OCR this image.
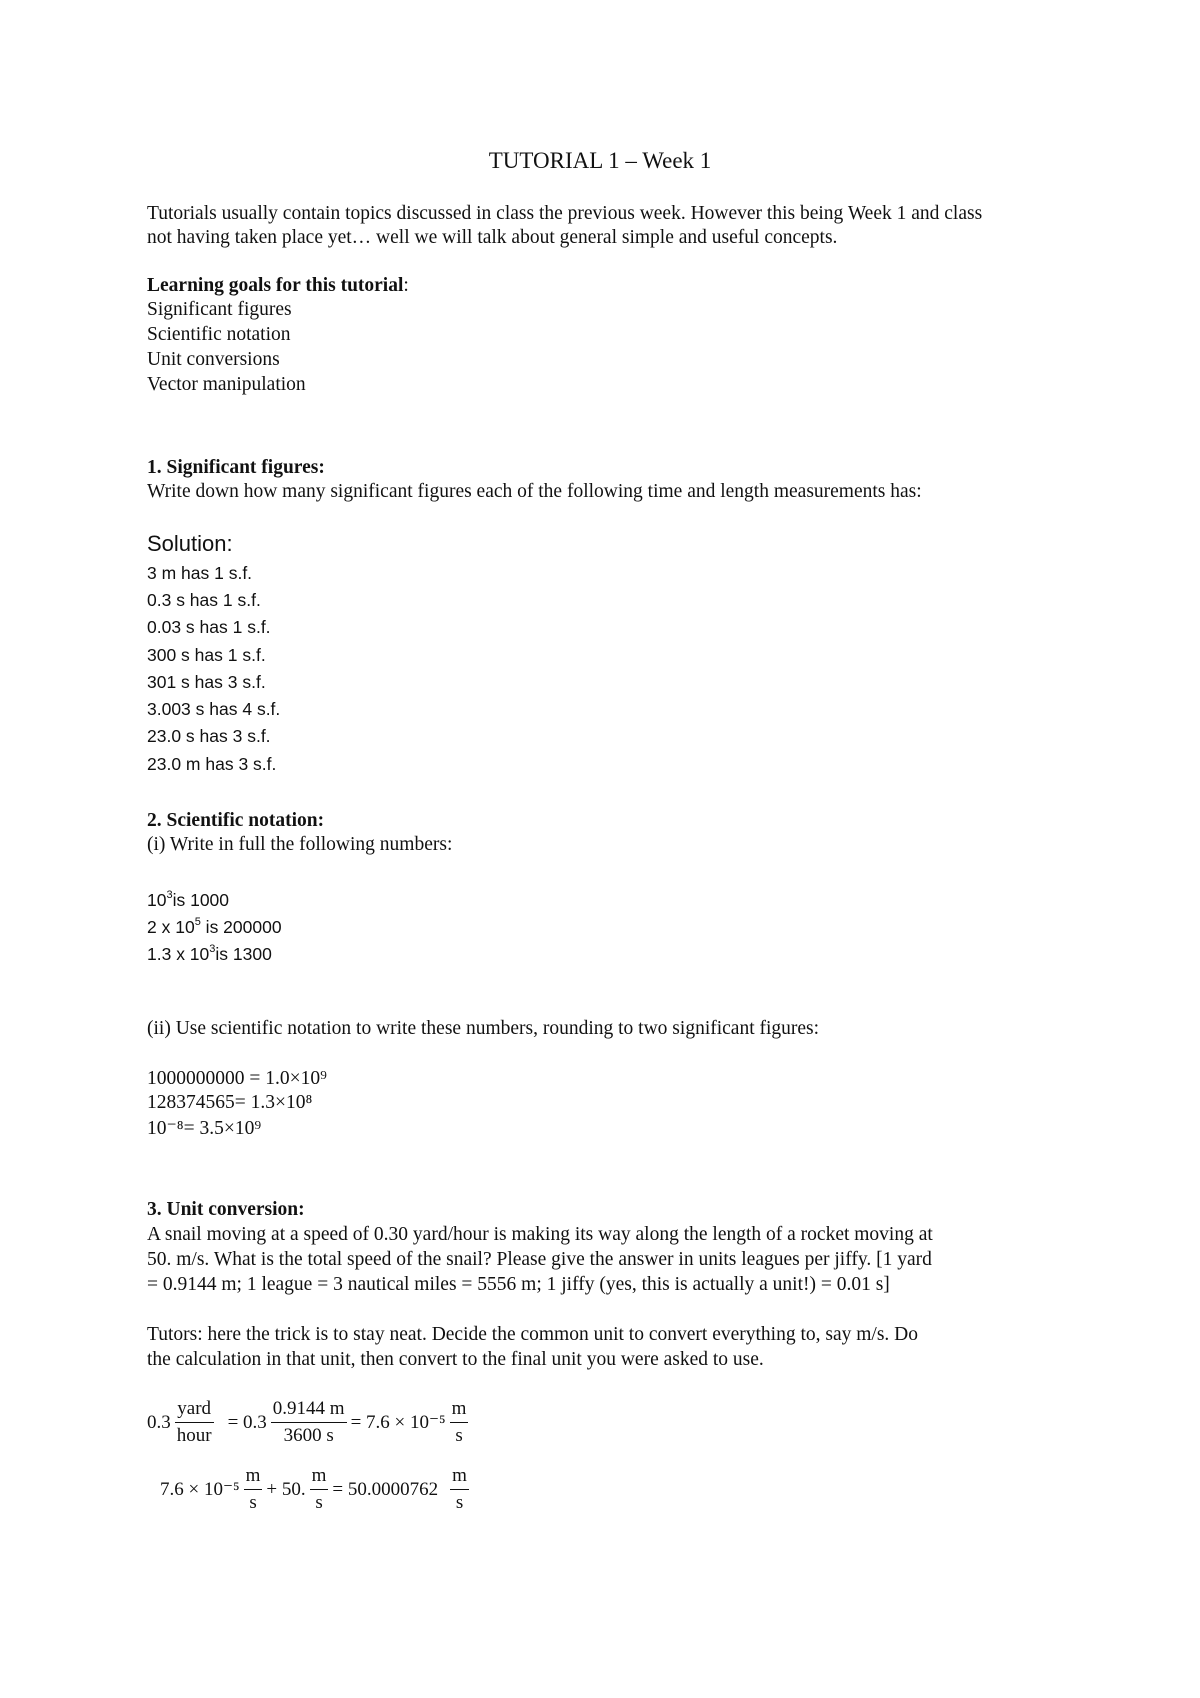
TUTORIAL 1 – Week 1
Tutorials usually contain topics discussed in class the previous week. However this being Week 1 and class
not having taken place yet… well we will talk about general simple and useful concepts.
Learning goals for this tutorial:
Significant figures
Scientific notation
Unit conversions
Vector manipulation
1. Significant figures:
Write down how many significant figures each of the following time and length measurements has:
Solution:
3 m has 1 s.f.
0.3 s has 1 s.f.
0.03 s has 1 s.f.
300 s has 1 s.f.
301 s has 3 s.f.
3.003 s has 4 s.f.
23.0 s has 3 s.f.
23.0 m has 3 s.f.
2. Scientific notation:
(i) Write in full the following numbers:
$10^3is$ 1000
2 x $10^5$ is 200000
1.3 x $10^3is$ 1300
(ii) Use scientific notation to write these numbers, rounding to two significant figures:
1000000000 = 1.0×10⁹
128374565= 1.3×10⁸
10⁻⁸= 3.5×10⁹
3. Unit conversion:
A snail moving at a speed of 0.30 yard/hour is making its way along the length of a rocket moving at
50. m/s. What is the total speed of the snail? Please give the answer in units leagues per jiffy. [1 yard
= 0.9144 m; 1 league = 3 nautical miles = 5556 m; 1 jiffy (yes, this is actually a unit!) = 0.01 s]
Tutors: here the trick is to stay neat. Decide the common unit to convert everything to, say m/s. Do
the calculation in that unit, then convert to the final unit you were asked to use.
$0.3 \frac{\text{yard}}{\text{hour}} = 0.3 \frac{0.9144 m}{3600 s} = 7.6 \times 10^{-5} \frac{m}{s}$
$7.6 \times 10^{-5} \frac{m}{s} + 50$. $\frac{m}{s} = 50.0000762 \frac{m}{s}$
